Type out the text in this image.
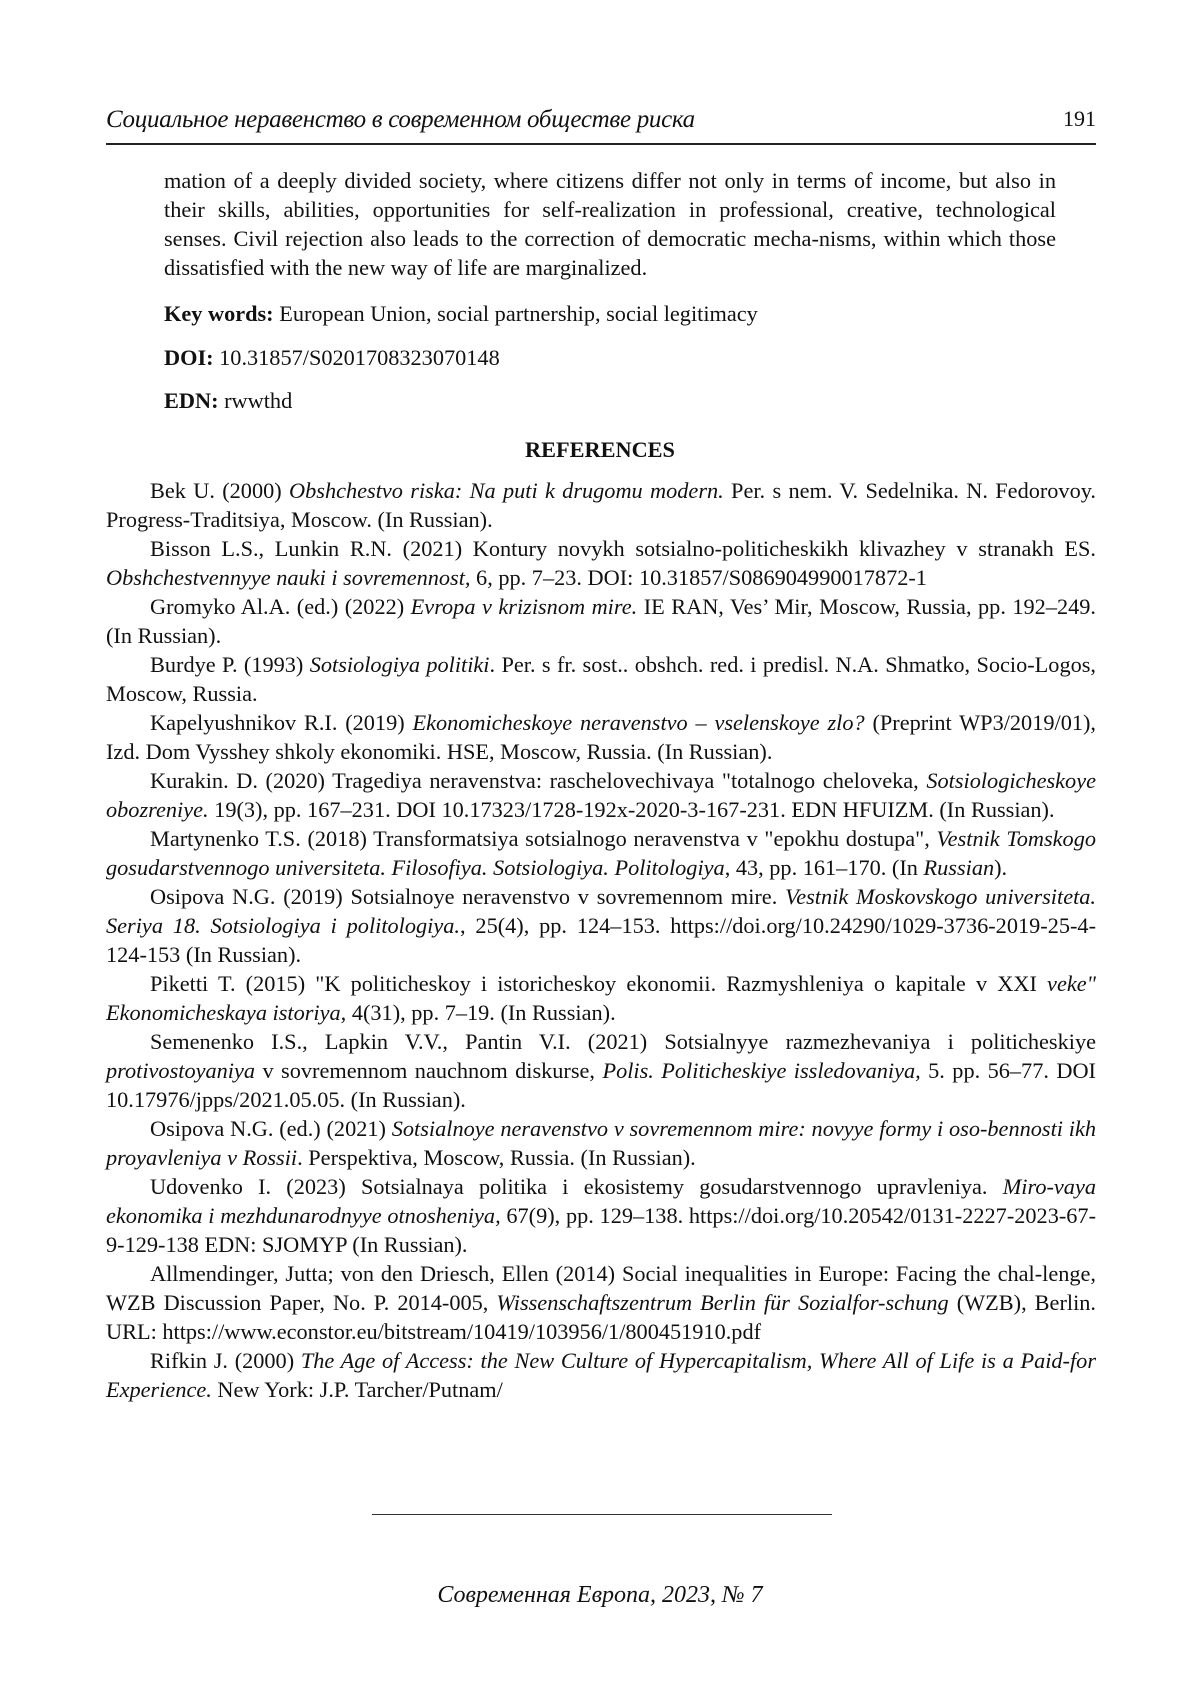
Социальное неравенство в современном обществе риска	191

mation of a deeply divided society, where citizens differ not only in terms of income, but also in their skills, abilities, opportunities for self-realization in professional, creative, technological senses. Civil rejection also leads to the correction of democratic mecha-nisms, within which those dissatisfied with the new way of life are marginalized.

Key words: European Union, social partnership, social legitimacy
DOI: 10.31857/S0201708323070148
EDN: rwwthd
REFERENCES

Bek U. (2000) Obshchestvo riska: Na puti k drugomu modern. Per. s nem. V. Sedelnika. N. Fedorovoy. Progress-Traditsiya, Moscow. (In Russian).

Bisson L.S., Lunkin R.N. (2021) Kontury novykh sotsialno-politicheskikh klivazhey v stranakh ES. Obshchestvennyye nauki i sovremennost, 6, pp. 7–23. DOI: 10.31857/S086904990017872-1

Gromyko Al.A. (ed.) (2022) Evropa v krizisnom mire. IE RAN, Ves’ Mir, Moscow, Russia, pp. 192–249. (In Russian).

Burdye P. (1993) Sotsiologiya politiki. Per. s fr. sost.. obshch. red. i predisl. N.A. Shmatko, Socio-Logos, Moscow, Russia.

Kapelyushnikov R.I. (2019) Ekonomicheskoye neravenstvo – vselenskoye zlo? (Preprint WP3/2019/01), Izd. Dom Vysshey shkoly ekonomiki. HSE, Moscow, Russia. (In Russian).

Kurakin. D. (2020) Tragediya neravenstva: raschelovechivaya "totalnogo cheloveka, Sotsiologicheskoye obozreniye. 19(3), pp. 167–231. DOI 10.17323/1728-192x-2020-3-167-231. EDN HFUIZM. (In Russian).

Martynenko T.S. (2018) Transformatsiya sotsialnogo neravenstva v "epokhu dostupa", Vestnik Tomskogo gosudarstvennogo universiteta. Filosofiya. Sotsiologiya. Politologiya, 43, pp. 161–170. (In Russian).

Osipova N.G. (2019) Sotsialnoye neravenstvo v sovremennom mire. Vestnik Moskovskogo universiteta. Seriya 18. Sotsiologiya i politologiya., 25(4), pp. 124–153. https://doi.org/10.24290/1029-3736-2019-25-4-124-153 (In Russian).

Piketti T. (2015) "K politicheskoy i istoricheskoy ekonomii. Razmyshleniya o kapitale v XXI veke" Ekonomicheskaya istoriya, 4(31), pp. 7–19. (In Russian).

Semenenko I.S., Lapkin V.V., Pantin V.I. (2021) Sotsialnyye razmezhevaniya i politicheskiye protivostoyaniya v sovremennom nauchnom diskurse, Polis. Politicheskiye issledovaniya, 5. pp. 56–77. DOI 10.17976/jpps/2021.05.05. (In Russian).

Osipova N.G. (ed.) (2021) Sotsialnoye neravenstvo v sovremennom mire: novyye formy i oso-bennosti ikh proyavleniya v Rossii. Perspektiva, Moscow, Russia. (In Russian).

Udovenko I. (2023) Sotsialnaya politika i ekosistemy gosudarstvennogo upravleniya. Miro-vaya ekonomika i mezhdunarodnyye otnosheniya, 67(9), pp. 129–138. https://doi.org/10.20542/0131-2227-2023-67-9-129-138 EDN: SJOMYP (In Russian).

Allmendinger, Jutta; von den Driesch, Ellen (2014) Social inequalities in Europe: Facing the chal-lenge, WZB Discussion Paper, No. P. 2014-005, Wissenschaftszentrum Berlin für Sozialfor-schung (WZB), Berlin. URL: https://www.econstor.eu/bitstream/10419/103956/1/800451910.pdf

Rifkin J. (2000) The Age of Access: the New Culture of Hypercapitalism, Where All of Life is a Paid-for Experience. New York: J.P. Tarcher/Putnam/

Современная Европа, 2023, № 7
